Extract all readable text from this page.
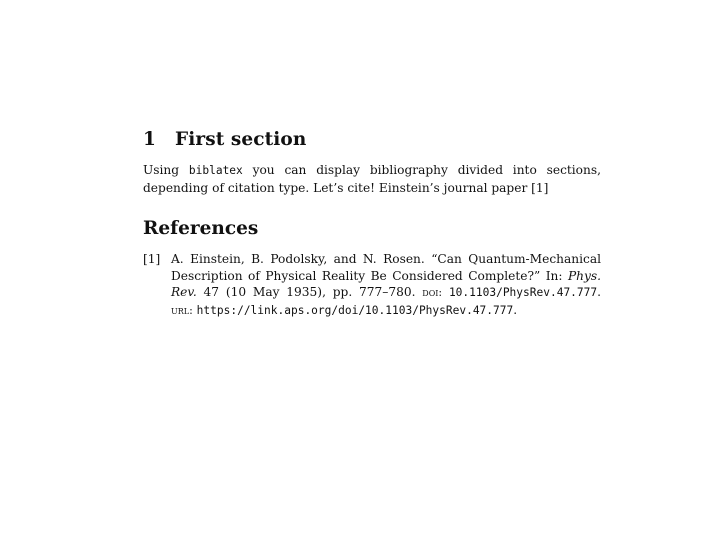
1 First section

Using biblatex you can display bibliography divided into sections, depending of citation type. Let’s cite! Einstein’s journal paper [1]

References
[1] A. Einstein, B. Podolsky, and N. Rosen. “Can Quantum-Mechanical Description of Physical Reality Be Considered Complete?” In: Phys. Rev. 47 (10 May 1935), pp. 777–780. doi: 10.1103/PhysRev.47.777. url: https://link.aps.org/doi/10.1103/PhysRev.47.777.
